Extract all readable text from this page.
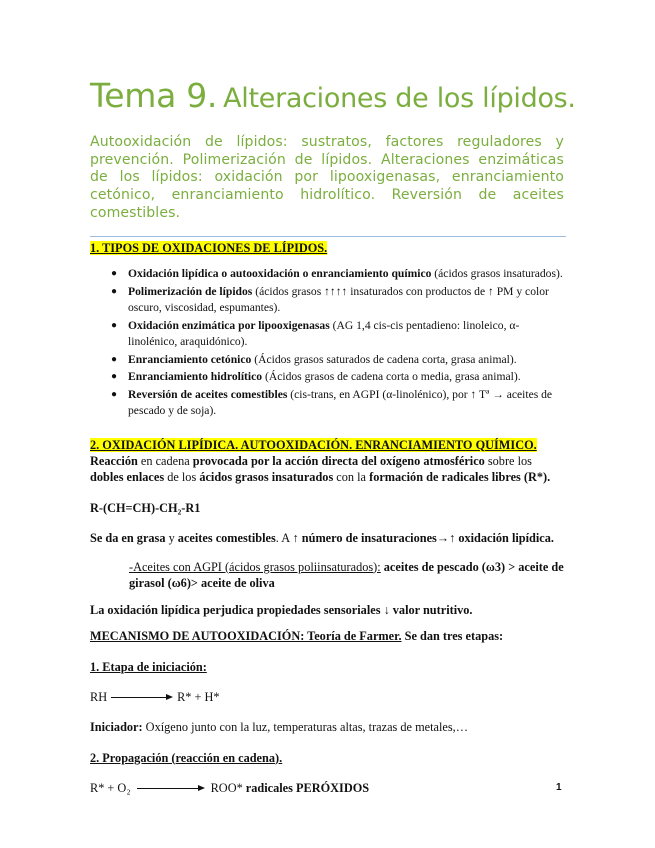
Tema 9. Alteraciones de los lípidos.
Autooxidación de lípidos: sustratos, factores reguladores y prevención. Polimerización de lípidos. Alteraciones enzimáticas de los lípidos: oxidación por lipooxigenasas, enranciamiento cetónico, enranciamiento hidrolítico. Reversión de aceites comestibles.

1. TIPOS DE OXIDACIONES DE LÍPIDOS.

● Oxidación lipídica o autooxidación o enranciamiento químico (ácidos grasos insaturados).
● Polimerización de lípidos (ácidos grasos ↑↑↑↑ insaturados con productos de ↑ PM y color oscuro, viscosidad, espumantes).
● Oxidación enzimática por lipooxigenasas (AG 1,4 cis-cis pentadieno: linoleico, α-linolénico, araquidónico).
● Enranciamiento cetónico (Ácidos grasos saturados de cadena corta, grasa animal).
● Enranciamiento hidrolítico (Ácidos grasos de cadena corta o media, grasa animal).
● Reversión de aceites comestibles (cis-trans, en AGPI (α-linolénico), por ↑ Tª → aceites de pescado y de soja).

2. OXIDACIÓN LIPÍDICA. AUTOOXIDACIÓN. ENRANCIAMIENTO QUÍMICO.

Reacción en cadena provocada por la acción directa del oxígeno atmosférico sobre los dobles enlaces de los ácidos grasos insaturados con la formación de radicales libres (R*).

R-(CH=CH)-CH₂-R1

Se da en grasa y aceites comestibles. A ↑ número de insaturaciones→↑ oxidación lipídica.

-Aceites con AGPI (ácidos grasos poliinsaturados): aceites de pescado (ω3) > aceite de girasol (ω6)> aceite de oliva

La oxidación lipídica perjudica propiedades sensoriales ↓ valor nutritivo.

MECANISMO DE AUTOOXIDACIÓN: Teoría de Farmer. Se dan tres etapas:

1. Etapa de iniciación:

RH	R* + H*

Iniciador: Oxígeno junto con la luz, temperaturas altas, trazas de metales,…

2. Propagación (reacción en cadena).

R* + O₂	ROO* radicales PERÓXIDOS	1
